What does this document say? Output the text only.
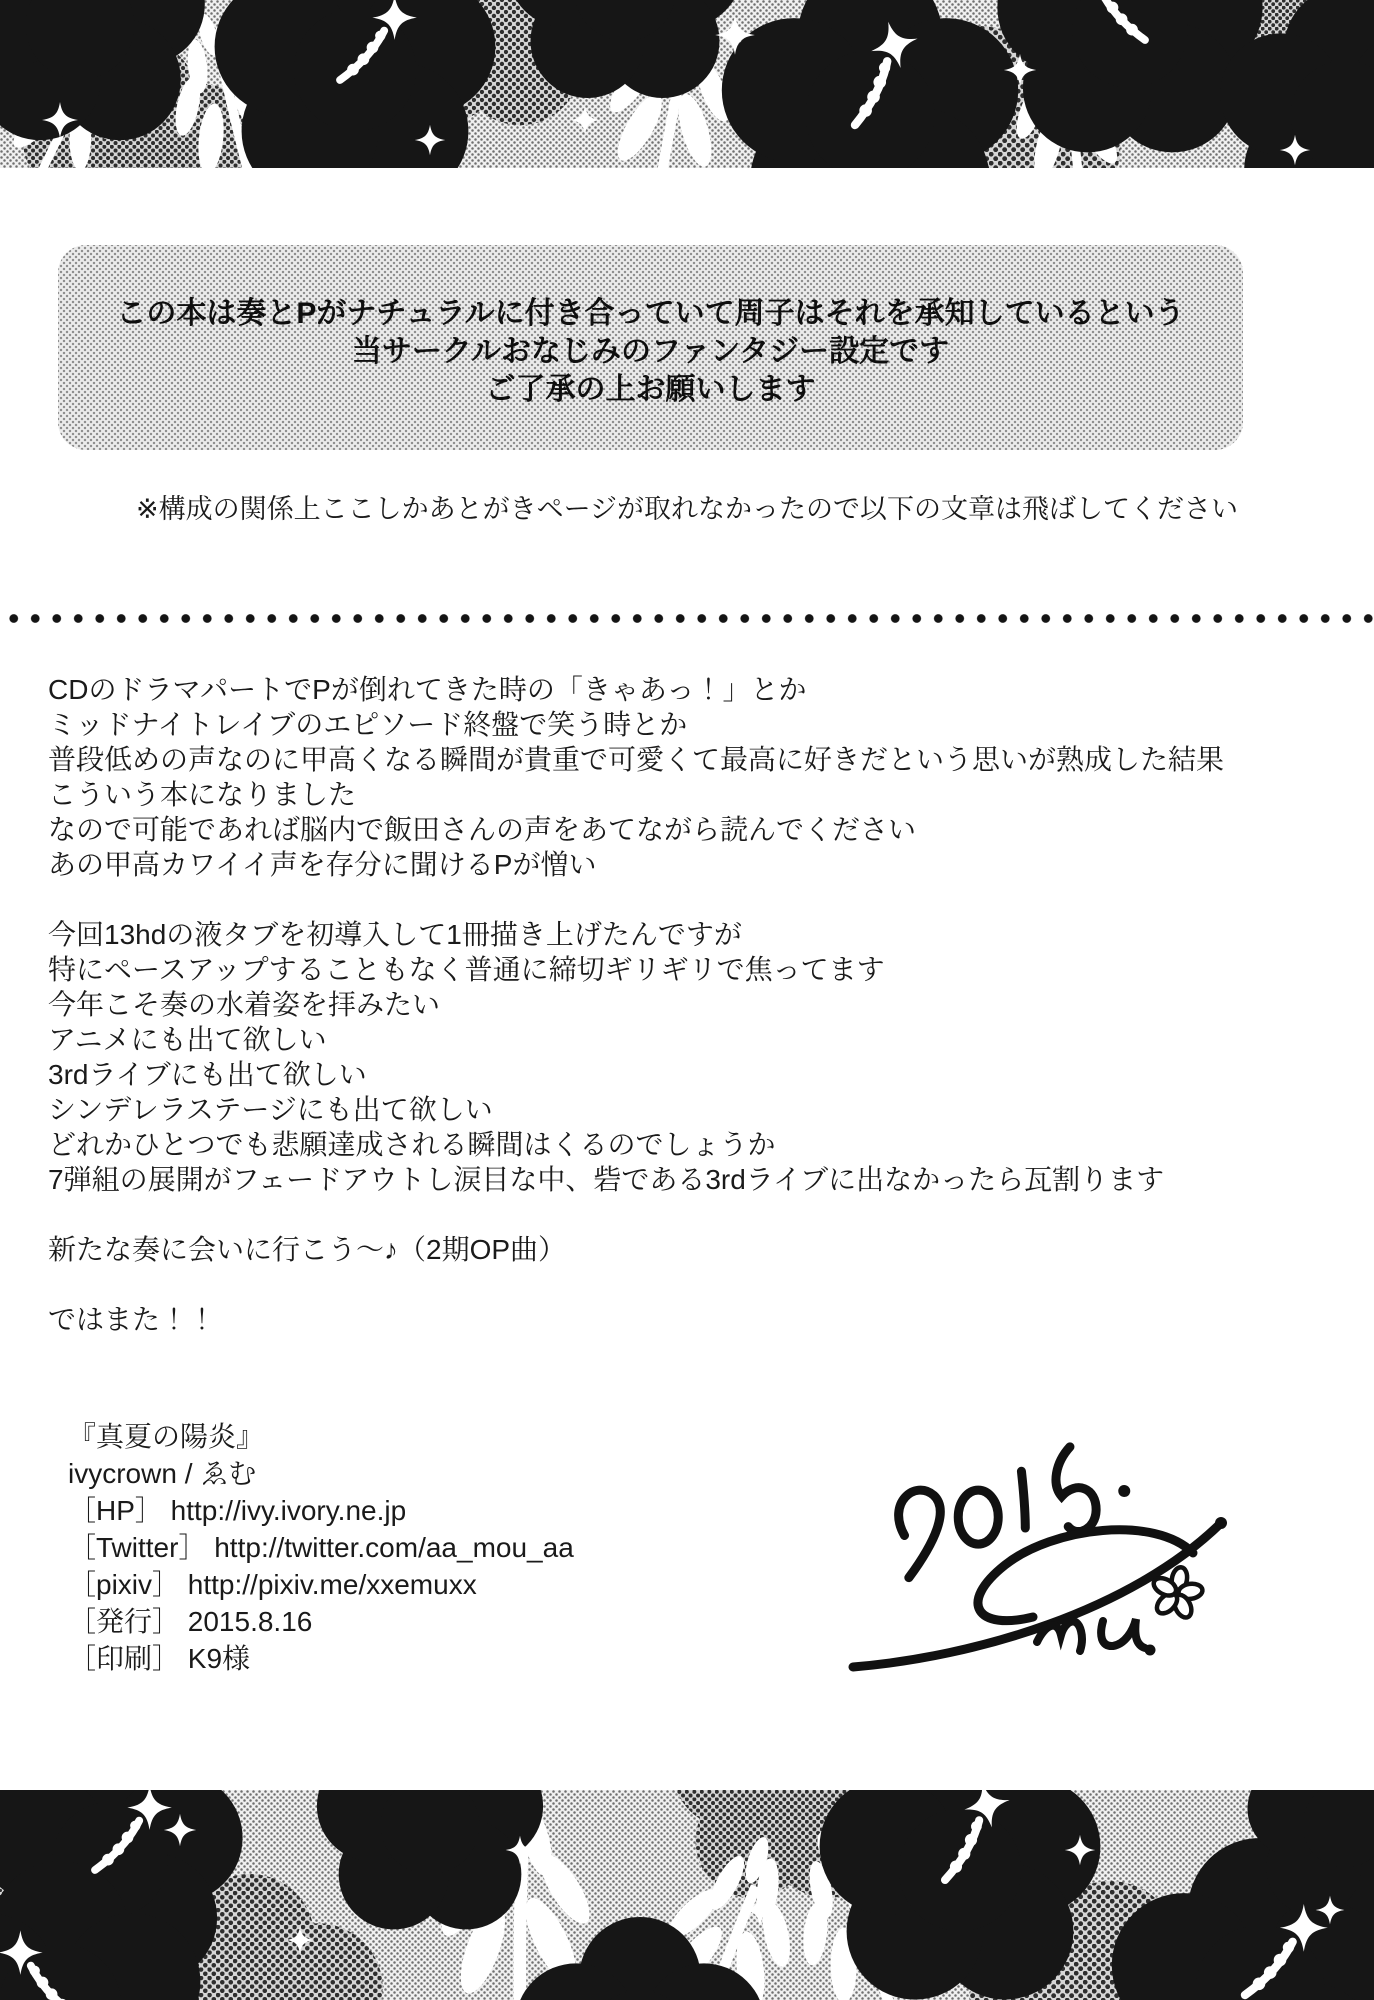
この本は奏とPがナチュラルに付き合っていて周子はそれを承知しているという
当サークルおなじみのファンタジー設定です
ご了承の上お願いします
※構成の関係上ここしかあとがきページが取れなかったので以下の文章は飛ばしてください
CDのドラマパートでPが倒れてきた時の「きゃあっ！」とか
ミッドナイトレイブのエピソード終盤で笑う時とか
普段低めの声なのに甲高くなる瞬間が貴重で可愛くて最高に好きだという思いが熟成した結果
こういう本になりました
なので可能であれば脳内で飯田さんの声をあてながら読んでください
あの甲高カワイイ声を存分に聞けるPが憎い
今回13hdの液タブを初導入して1冊描き上げたんですが
特にペースアップすることもなく普通に締切ギリギリで焦ってます
今年こそ奏の水着姿を拝みたい
アニメにも出て欲しい
3rdライブにも出て欲しい
シンデレラステージにも出て欲しい
どれかひとつでも悲願達成される瞬間はくるのでしょうか
7弾組の展開がフェードアウトし涙目な中、砦である3rdライブに出なかったら瓦割ります
新たな奏に会いに行こう～♪（2期OP曲）
ではまた！！
『真夏の陽炎』
ivycrown / ゑむ
［HP］ http://ivy.ivory.ne.jp
［Twitter］ http://twitter.com/aa_mou_aa
［pixiv］ http://pixiv.me/xxemuxx
［発行］ 2015.8.16
［印刷］ K9様
